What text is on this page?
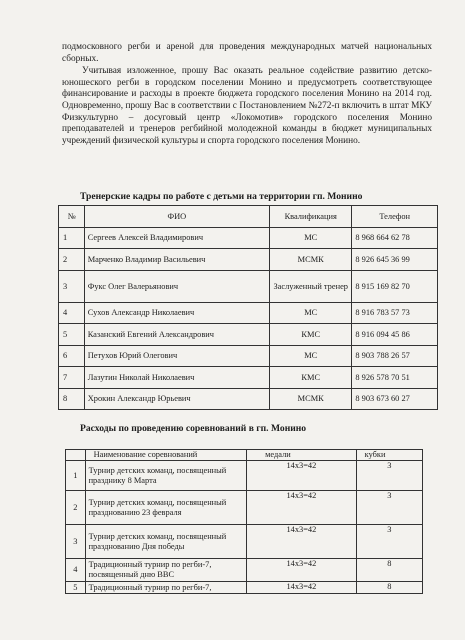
подмосковного регби и ареной для проведения международных матчей национальных сборных.

Учитывая изложенное, прошу Вас оказать реальное содействие развитию детско-юношеского регби в городском поселении Монино и предусмотреть соответствующее финансирование и расходы в проекте бюджета городского поселения Монино на 2014 год. Одновременно, прошу Вас в соответствии с Постановлением №272-п включить в штат МКУ Физкультурно – досуговый центр «Локомотив» городского поселения Монино преподавателей и тренеров регбийной молодежной команды в бюджет муниципальных учреждений физической культуры и спорта городского поселения Монино.

Тренерские кадры по работе с детьми на территории гп. Монино
№	ФИО	Квалификация	Телефон
1	Сергеев Алексей Владимирович	МС	8 968 664 62 78
2	Марченко Владимир Васильевич	МСМК	8 926 645 36 99
3	Фукс Олег Валерьянович	Заслуженный тренер	8 915 169 82 70
4	Сухов Александр Николаевич	МС	8 916 783 57 73
5	Казанский Евгений Александрович	КМС	8 916 094 45 86
6	Петухов Юрий Олегович	МС	8 903 788 26 57
7	Лазутин Николай Николаевич	КМС	8 926 578 70 51
8	Хрокин Александр Юрьевич	МСМК	8 903 673 60 27
Расходы по проведению соревнований в гп. Монино
	Наименование соревнований	медали	кубки
1	Турнир детских команд, посвященный празднику 8 Марта	14x3=42	3
2	Турнир детских команд, посвященный празднованию 23 февраля	14x3=42	3
3	Турнир детских команд, посвященный празднованию Дня победы	14x3=42	3
4	Традиционный турнир по регби-7, посвященный дню ВВС	14x3=42	8
5	Традиционный турнир по регби-7,	14x3=42	8
